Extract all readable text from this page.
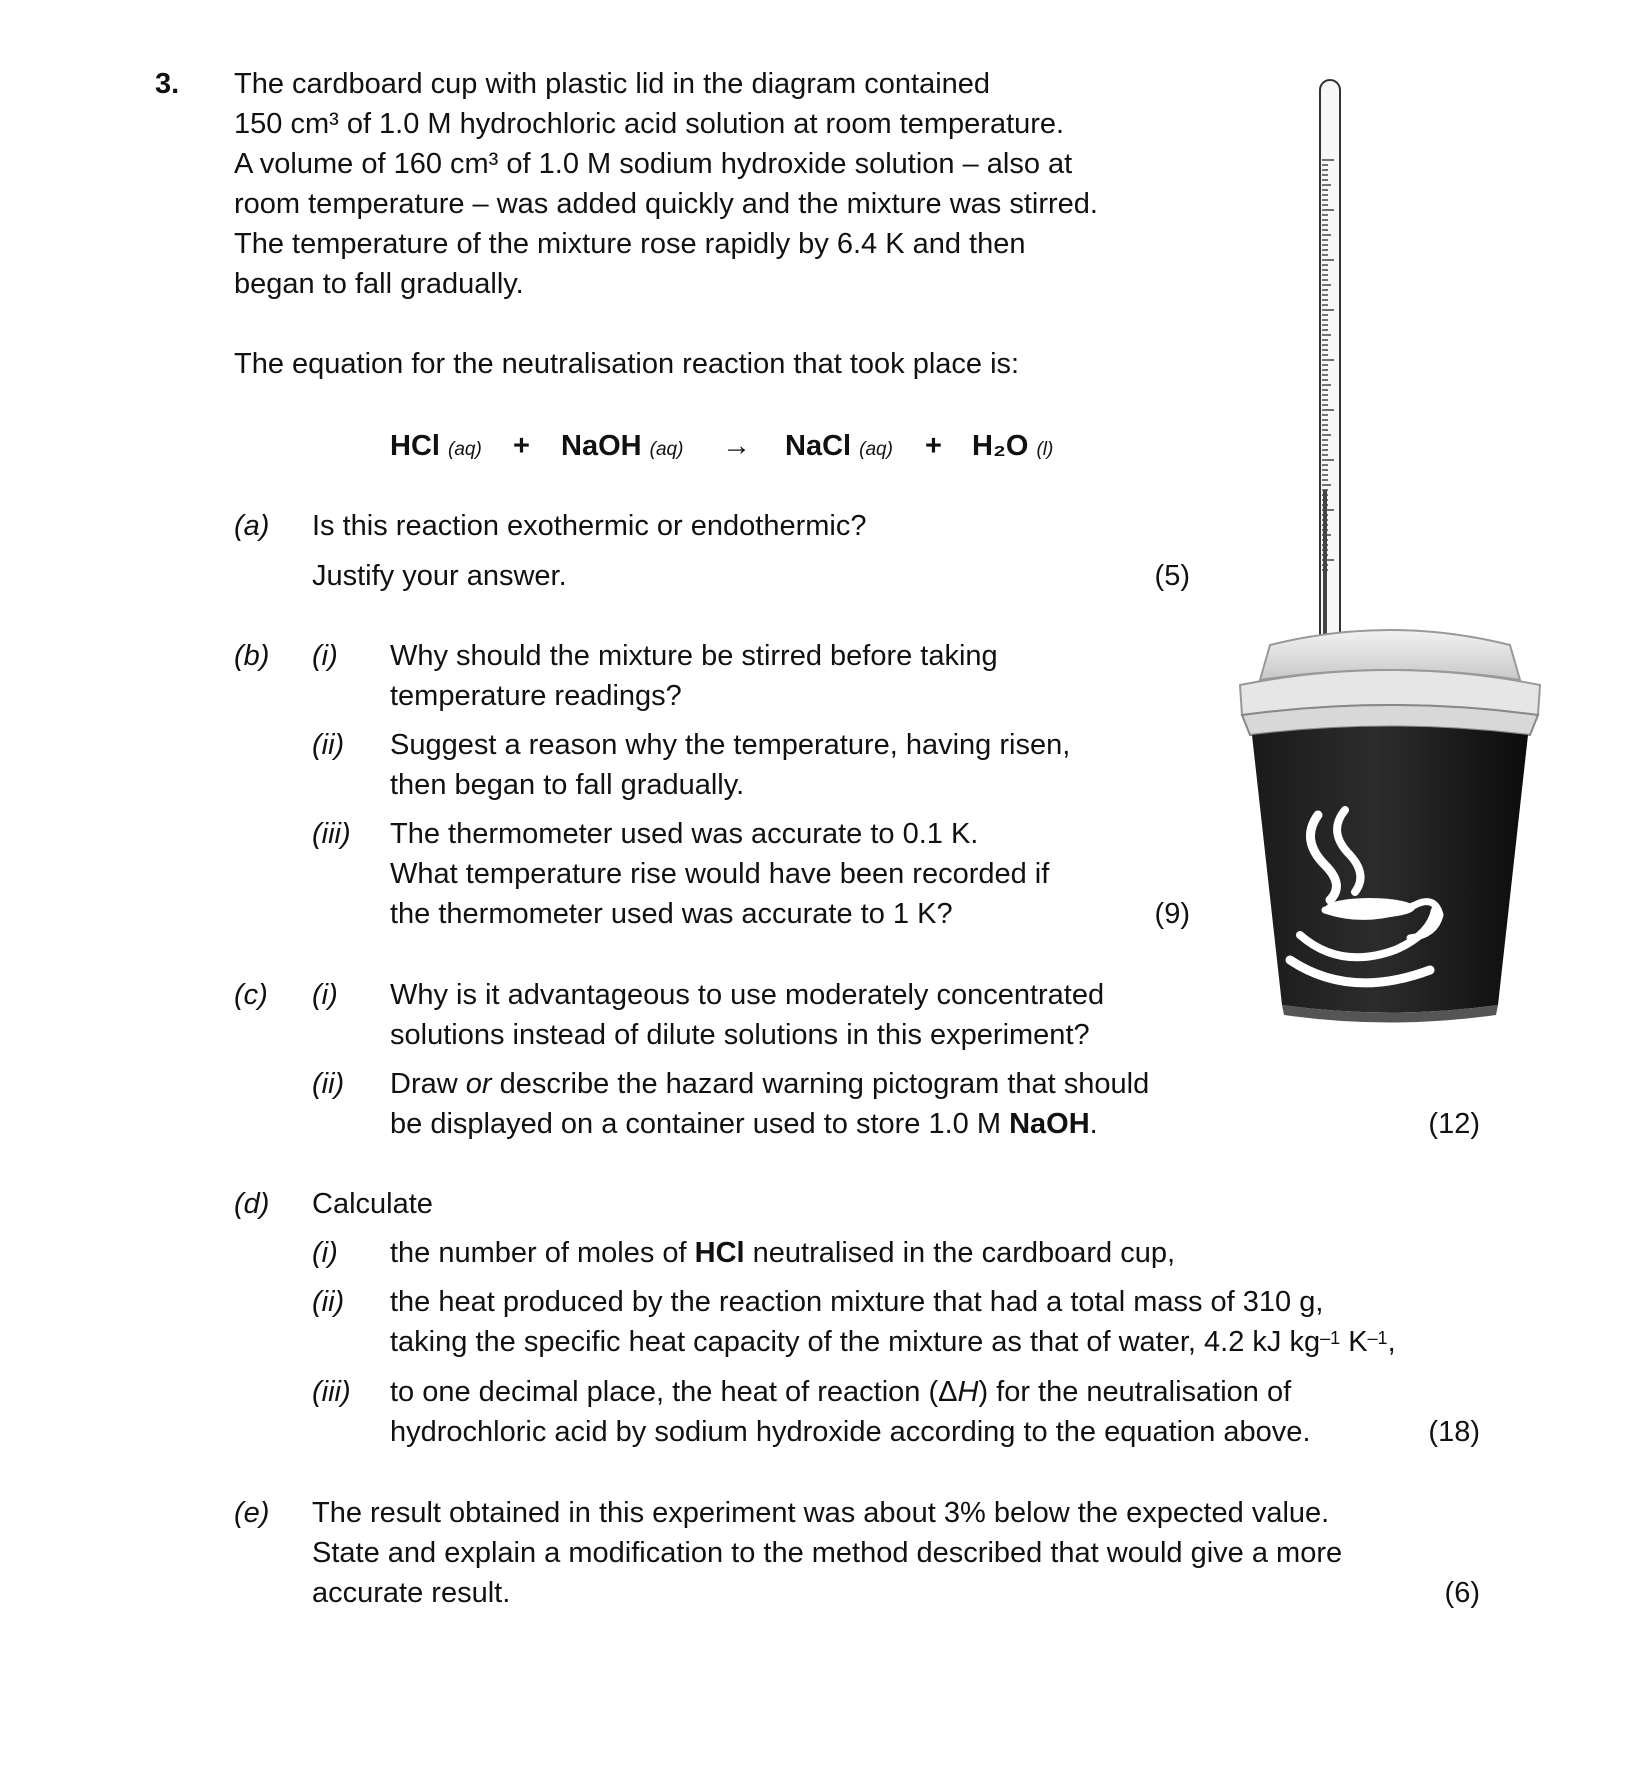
3. The cardboard cup with plastic lid in the diagram contained
150 cm³ of 1.0 M hydrochloric acid solution at room temperature.
A volume of 160 cm³ of 1.0 M sodium hydroxide solution – also at
room temperature – was added quickly and the mixture was stirred.
The temperature of the mixture rose rapidly by 6.4 K and then
began to fall gradually.
The equation for the neutralisation reaction that took place is:
HCl (aq) + NaOH (aq) → NaCl (aq) + H₂O (l)
(a) Is this reaction exothermic or endothermic?
Justify your answer.	(5)
(b) (i) Why should the mixture be stirred before taking
temperature readings?
(ii) Suggest a reason why the temperature, having risen,
then began to fall gradually.
(iii) The thermometer used was accurate to 0.1 K.
What temperature rise would have been recorded if
the thermometer used was accurate to 1 K?	(9)
(c) (i) Why is it advantageous to use moderately concentrated
solutions instead of dilute solutions in this experiment?
(ii) Draw or describe the hazard warning pictogram that should
be displayed on a container used to store 1.0 M NaOH.	(12)
(d) Calculate
(i) the number of moles of HCl neutralised in the cardboard cup,
(ii) the heat produced by the reaction mixture that had a total mass of 310 g,
taking the specific heat capacity of the mixture as that of water, 4.2 kJ $kg^{-1}$ $K^{-1}$,
(iii) to one decimal place, the heat of reaction (ΔH) for the neutralisation of
hydrochloric acid by sodium hydroxide according to the equation above.	(18)
(e) The result obtained in this experiment was about 3% below the expected value.
State and explain a modification to the method described that would give a more
accurate result.	(6)
